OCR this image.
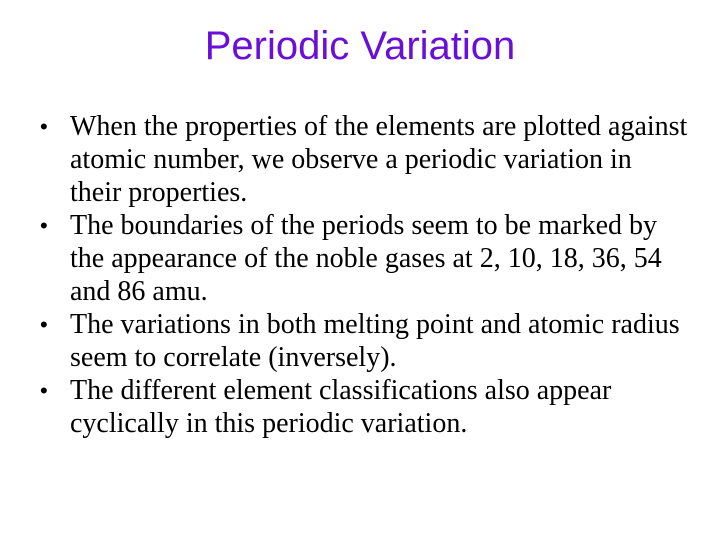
Periodic Variation
• When the properties of the elements are plotted against atomic number, we observe a periodic variation in their properties.
• The boundaries of the periods seem to be marked by the appearance of the noble gases at 2, 10, 18, 36, 54 and 86 amu.
• The variations in both melting point and atomic radius seem to correlate (inversely).
• The different element classifications also appear cyclically in this periodic variation.
